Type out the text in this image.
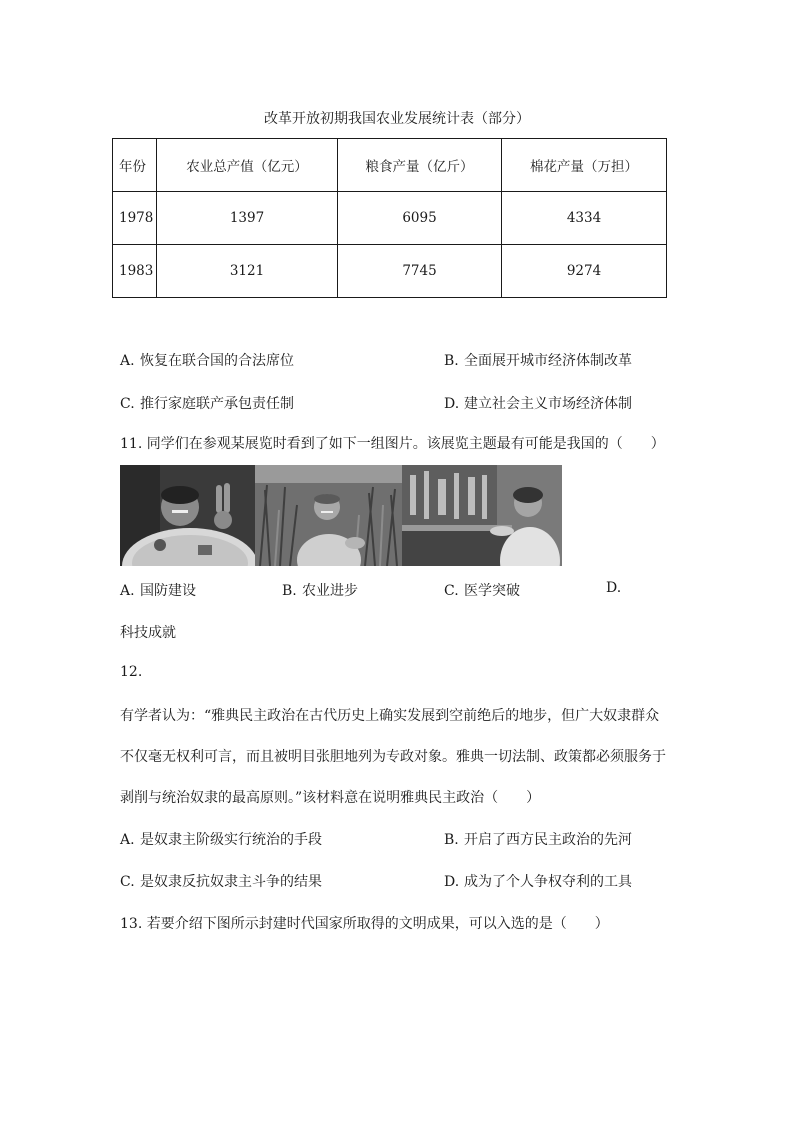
改革开放初期我国农业发展统计表（部分）
年份	农业总产值（亿元）	粮食产量（亿斤）	棉花产量（万担）
1978	1397	6095	4334
1983	3121	7745	9274
A. 恢复在联合国的合法席位	B. 全面展开城市经济体制改革
C. 推行家庭联产承包责任制	D. 建立社会主义市场经济体制
11. 同学们在参观某展览时看到了如下一组图片。该展览主题最有可能是我国的（　　）
A. 国防建设	B. 农业进步	C. 医学突破	D.
科技成就
12.
有学者认为：“雅典民主政治在古代历史上确实发展到空前绝后的地步，但广大奴隶群众
不仅毫无权利可言，而且被明目张胆地列为专政对象。雅典一切法制、政策都必须服务于
剥削与统治奴隶的最高原则。”该材料意在说明雅典民主政治（　　）
A. 是奴隶主阶级实行统治的手段	B. 开启了西方民主政治的先河
C. 是奴隶反抗奴隶主斗争的结果	D. 成为了个人争权夺利的工具
13. 若要介绍下图所示封建时代国家所取得的文明成果，可以入选的是（　　）
